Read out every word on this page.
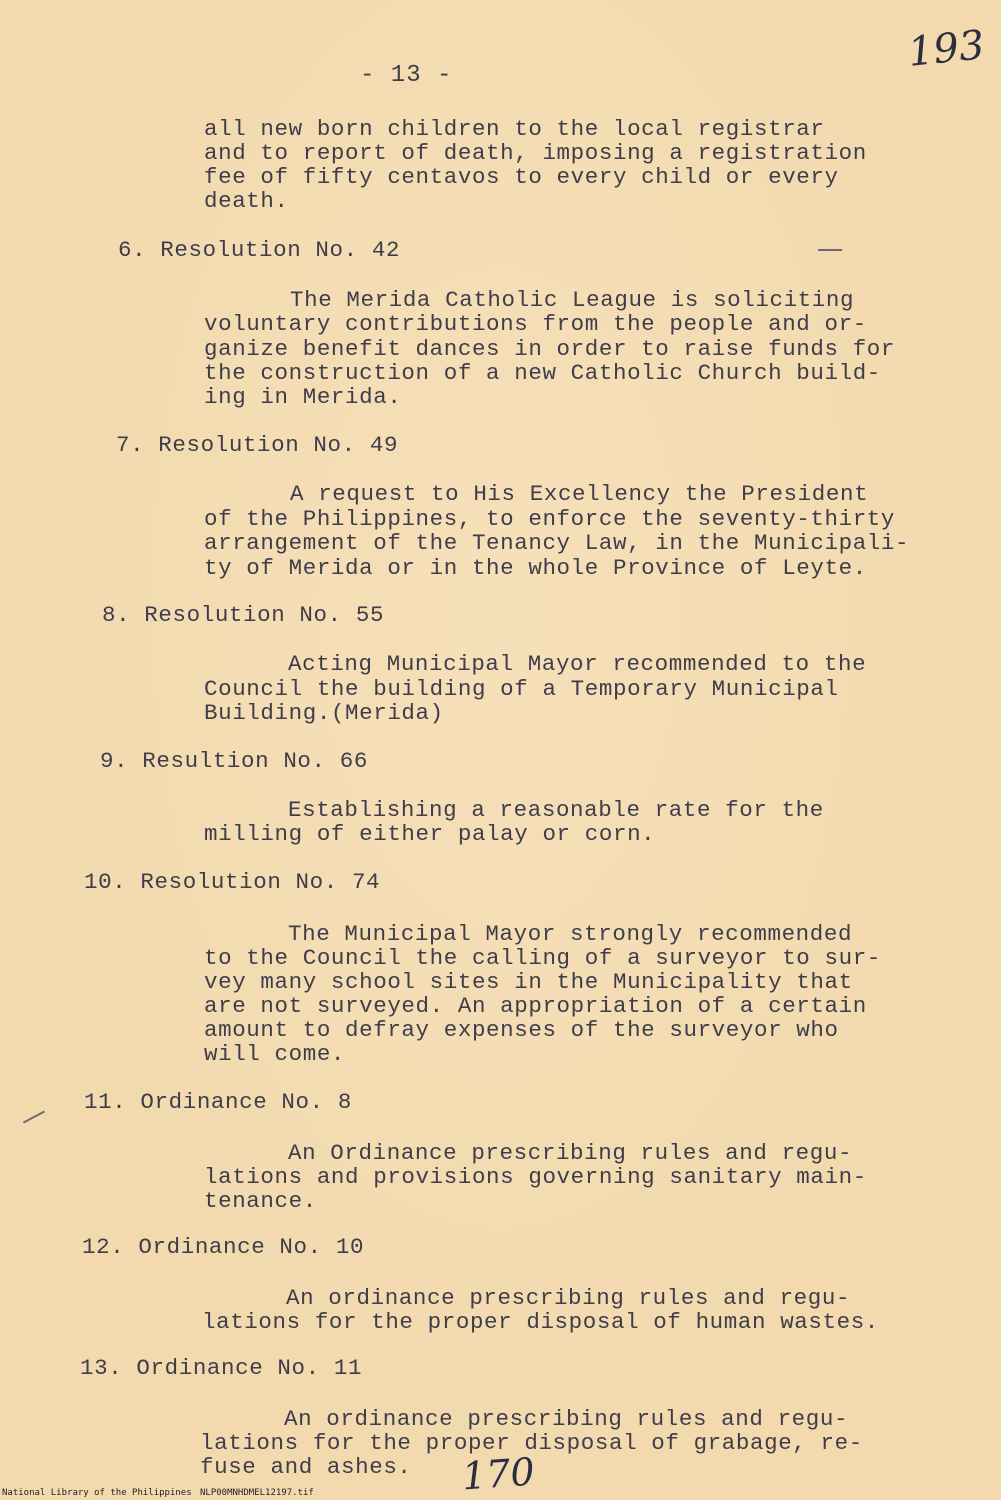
193
- 13 -
all new born children to the local registrar
and to report of death, imposing a registration
fee of fifty centavos to every child or every
death.
6. Resolution No. 42
The Merida Catholic League is soliciting
voluntary contributions from the people and or-
ganize benefit dances in order to raise funds for
the construction of a new Catholic Church build-
ing in Merida.
7. Resolution No. 49
A request to His Excellency the President
of the Philippines, to enforce the seventy-thirty
arrangement of the Tenancy Law, in the Municipali-
ty of Merida or in the whole Province of Leyte.
8. Resolution No. 55
Acting Municipal Mayor recommended to the
Council the building of a Temporary Municipal
Building.(Merida)
9. Resultion No. 66
Establishing a reasonable rate for the
milling of either palay or corn.
10. Resolution No. 74
The Municipal Mayor strongly recommended
to the Council the calling of a surveyor to sur-
vey many school sites in the Municipality that
are not surveyed. An appropriation of a certain
amount to defray expenses of the surveyor who
will come.
11. Ordinance No. 8
An Ordinance prescribing rules and regu-
lations and provisions governing sanitary main-
tenance.
12. Ordinance No. 10
An ordinance prescribing rules and regu-
lations for the proper disposal of human wastes.
13. Ordinance No. 11
An ordinance prescribing rules and regu-
lations for the proper disposal of grabage, re-
fuse and ashes. 170
National Library of the Philippines NLP00MNHDMEL12197.tif
